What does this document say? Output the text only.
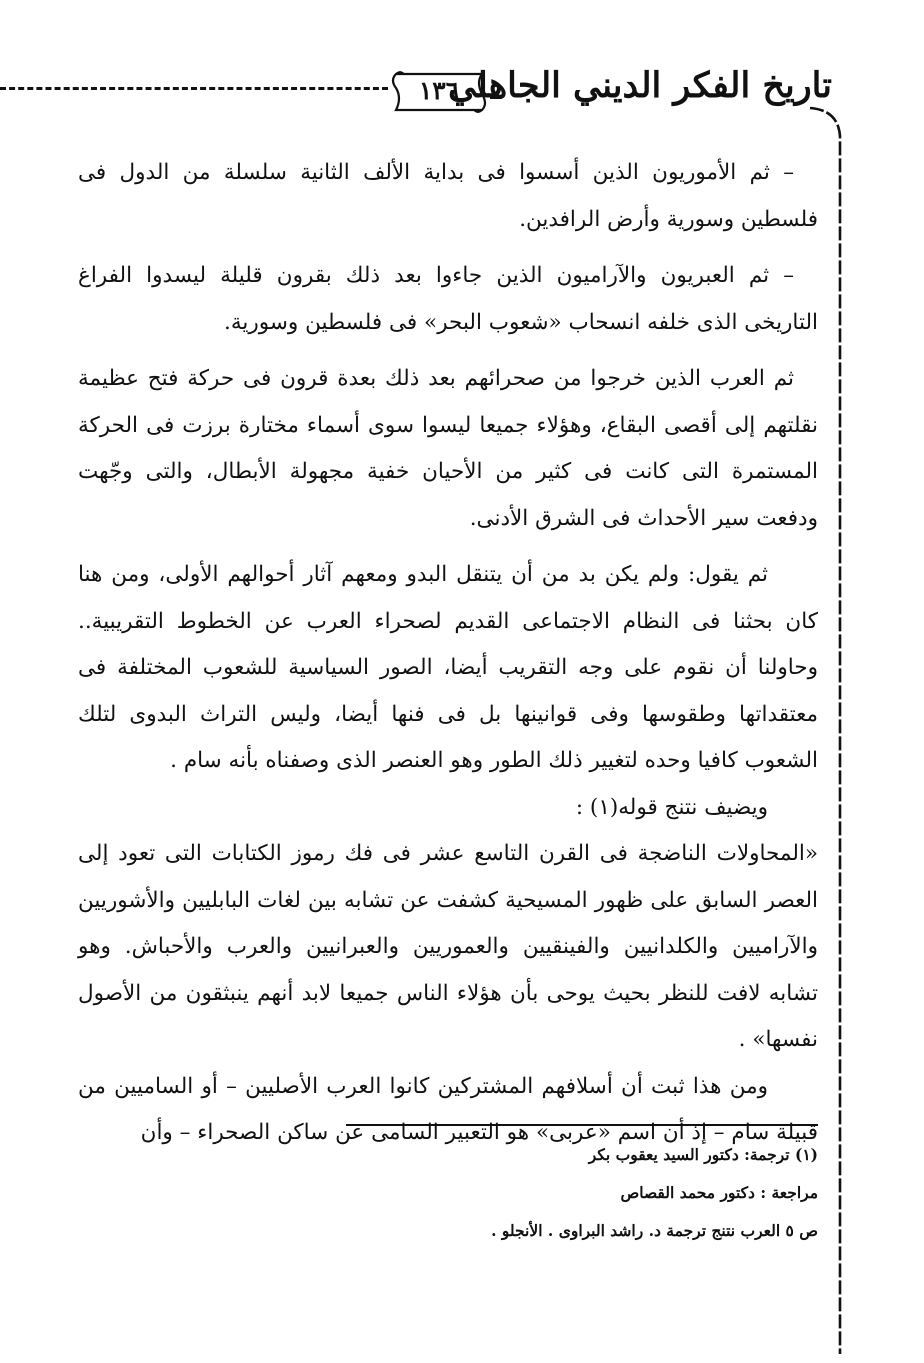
١٣٦
تاريخ الفكر الديني الجاهلي

– ثم الأموريون الذين أسسوا فى بداية الألف الثانية سلسلة من الدول فى فلسطين وسورية وأرض الرافدين.

– ثم العبريون والآراميون الذين جاءوا بعد ذلك بقرون قليلة ليسدوا الفراغ التاريخى الذى خلفه انسحاب «شعوب البحر» فى فلسطين وسورية.

ثم العرب الذين خرجوا من صحرائهم بعد ذلك بعدة قرون فى حركة فتح عظيمة نقلتهم إلى أقصى البقاع، وهؤلاء جميعا ليسوا سوى أسماء مختارة برزت فى الحركة المستمرة التى كانت فى كثير من الأحيان خفية مجهولة الأبطال، والتى وجّهت ودفعت سير الأحداث فى الشرق الأدنى.

ثم يقول: ولم يكن بد من أن يتنقل البدو ومعهم آثار أحوالهم الأولى، ومن هنا كان بحثنا فى النظام الاجتماعى القديم لصحراء العرب عن الخطوط التقريبية.. وحاولنا أن نقوم على وجه التقريب أيضا، الصور السياسية للشعوب المختلفة فى معتقداتها وطقوسها وفى قوانينها بل فى فنها أيضا، وليس التراث البدوى لتلك الشعوب كافيا وحده لتغيير ذلك الطور وهو العنصر الذى وصفناه بأنه سام .

ويضيف نتنج قوله(١) :

«المحاولات الناضجة فى القرن التاسع عشر فى فك رموز الكتابات التى تعود إلى العصر السابق على ظهور المسيحية كشفت عن تشابه بين لغات البابليين والأشوريين والآراميين والكلدانيين والفينقيين والعموريين والعبرانيين والعرب والأحباش. وهو تشابه لافت للنظر بحيث يوحى بأن هؤلاء الناس جميعا لابد أنهم ينبثقون من الأصول نفسها» .

ومن هذا ثبت أن أسلافهم المشتركين كانوا العرب الأصليين – أو الساميين من قبيلة سام – إذ أن اسم «عربى» هو التعبير السامى عن ساكن الصحراء – وأن

(١) ترجمة: دكتور السيد يعقوب بكر

مراجعة : دكتور محمد القصاص

ص ٥ العرب نتنج ترجمة د. راشد البراوى . الأنجلو .
